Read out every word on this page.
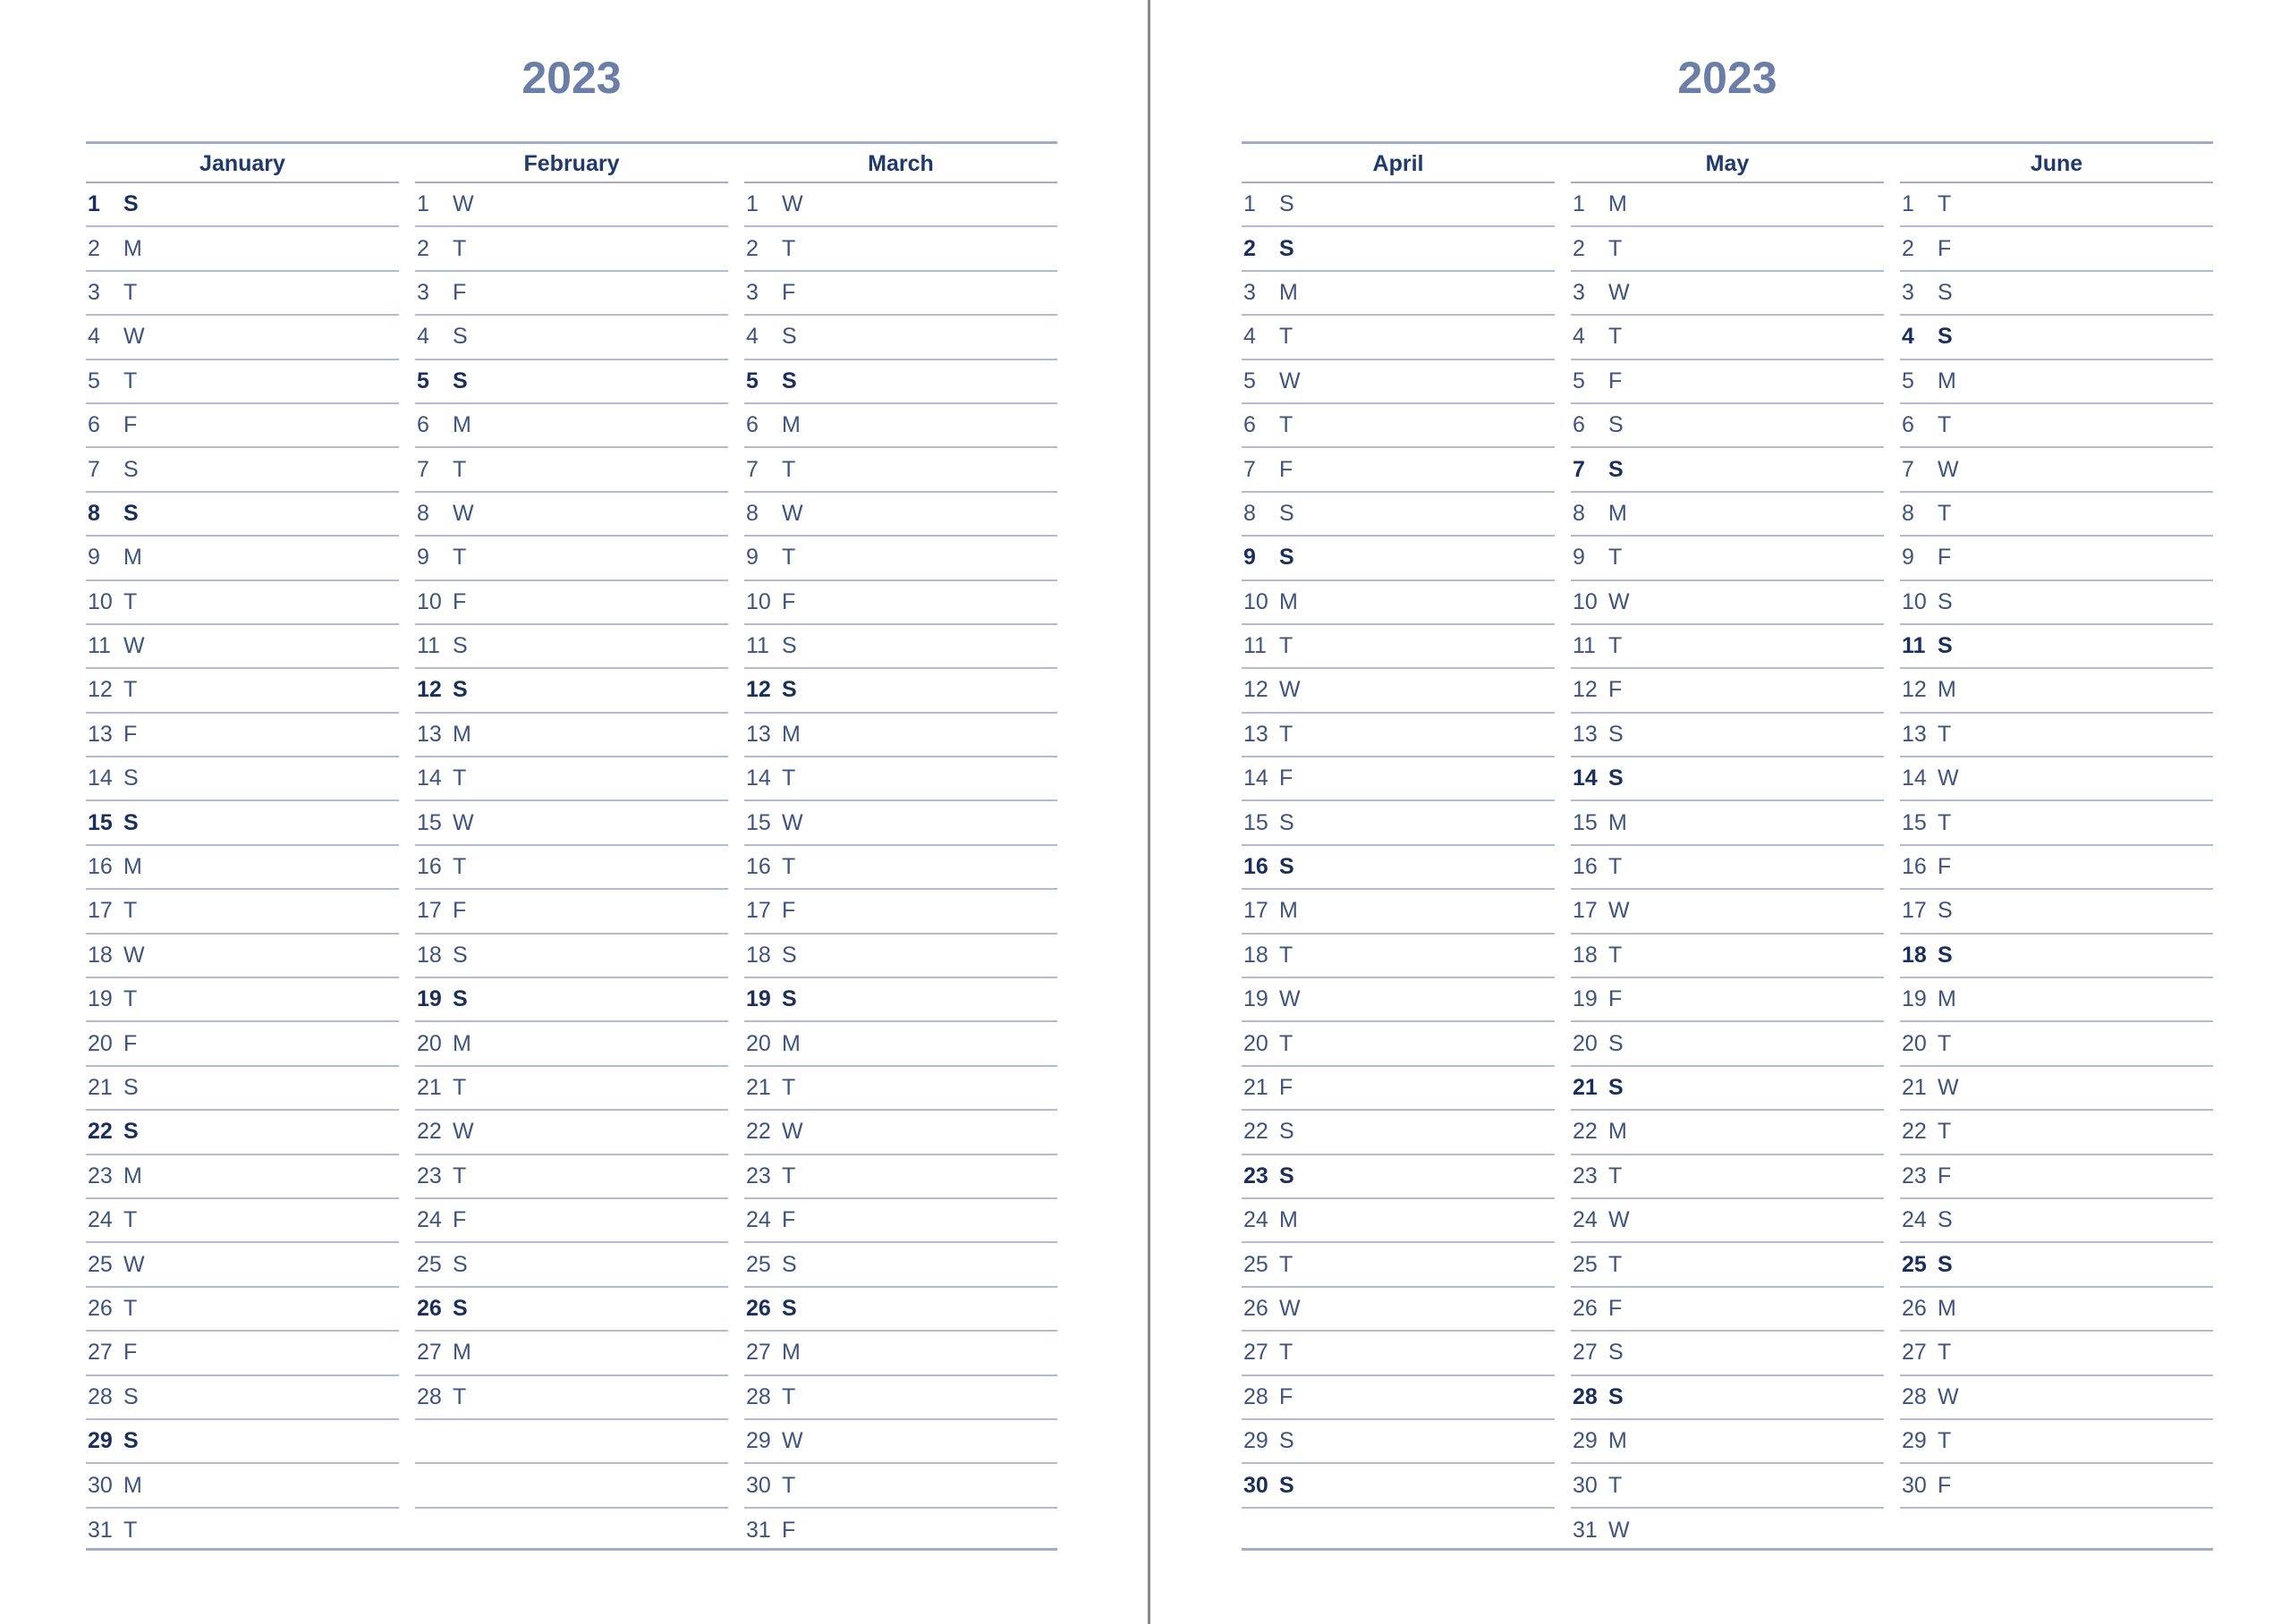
2023
January
1	S
2	M
3	T
4	W
5	T
6	F
7	S
8	S
9	M
10 T
11 W
12 T
13 F
14 S
15 S
16 M
17 T
18 W
19 T
20 F
21 S
22 S
23 M
24 T
25 W
26 T
27 F
28 S
29 S
30 M
31 T
February
1	W
2	T
3	F
4	S
5	S
6	M
7	T
8	W
9	T
10 F
11 S
12 S
13 M
14 T
15 W
16 T
17 F
18 S
19 S
20 M
21 T
22 W
23 T
24 F
25 S
26 S
27 M
28 T
March
1	W
2	T
3	F
4	S
5	S
6	M
7	T
8	W
9	T
10 F
11 S
12 S
13 M
14 T
15 W
16 T
17 F
18 S
19 S
20 M
21 T
22 W
23 T
24 F
25 S
26 S
27 M
28 T
29 W
30 T
31 F
2023
April
1	S
2	S
3	M
4	T
5	W
6	T
7	F
8	S
9	S
10 M
11 T
12 W
13 T
14 F
15 S
16 S
17 M
18 T
19 W
20 T
21 F
22 S
23 S
24 M
25 T
26 W
27 T
28 F
29 S
30 S
May
1	M
2	T
3	W
4	T
5	F
6	S
7	S
8	M
9	T
10 W
11 T
12 F
13 S
14 S
15 M
16 T
17 W
18 T
19 F
20 S
21 S
22 M
23 T
24 W
25 T
26 F
27 S
28 S
29 M
30 T
31 W
June
1	T
2	F
3	S
4	S
5	M
6	T
7	W
8	T
9	F
10 S
11 S
12 M
13 T
14 W
15 T
16 F
17 S
18 S
19 M
20 T
21 W
22 T
23 F
24 S
25 S
26 M
27 T
28 W
29 T
30 F
